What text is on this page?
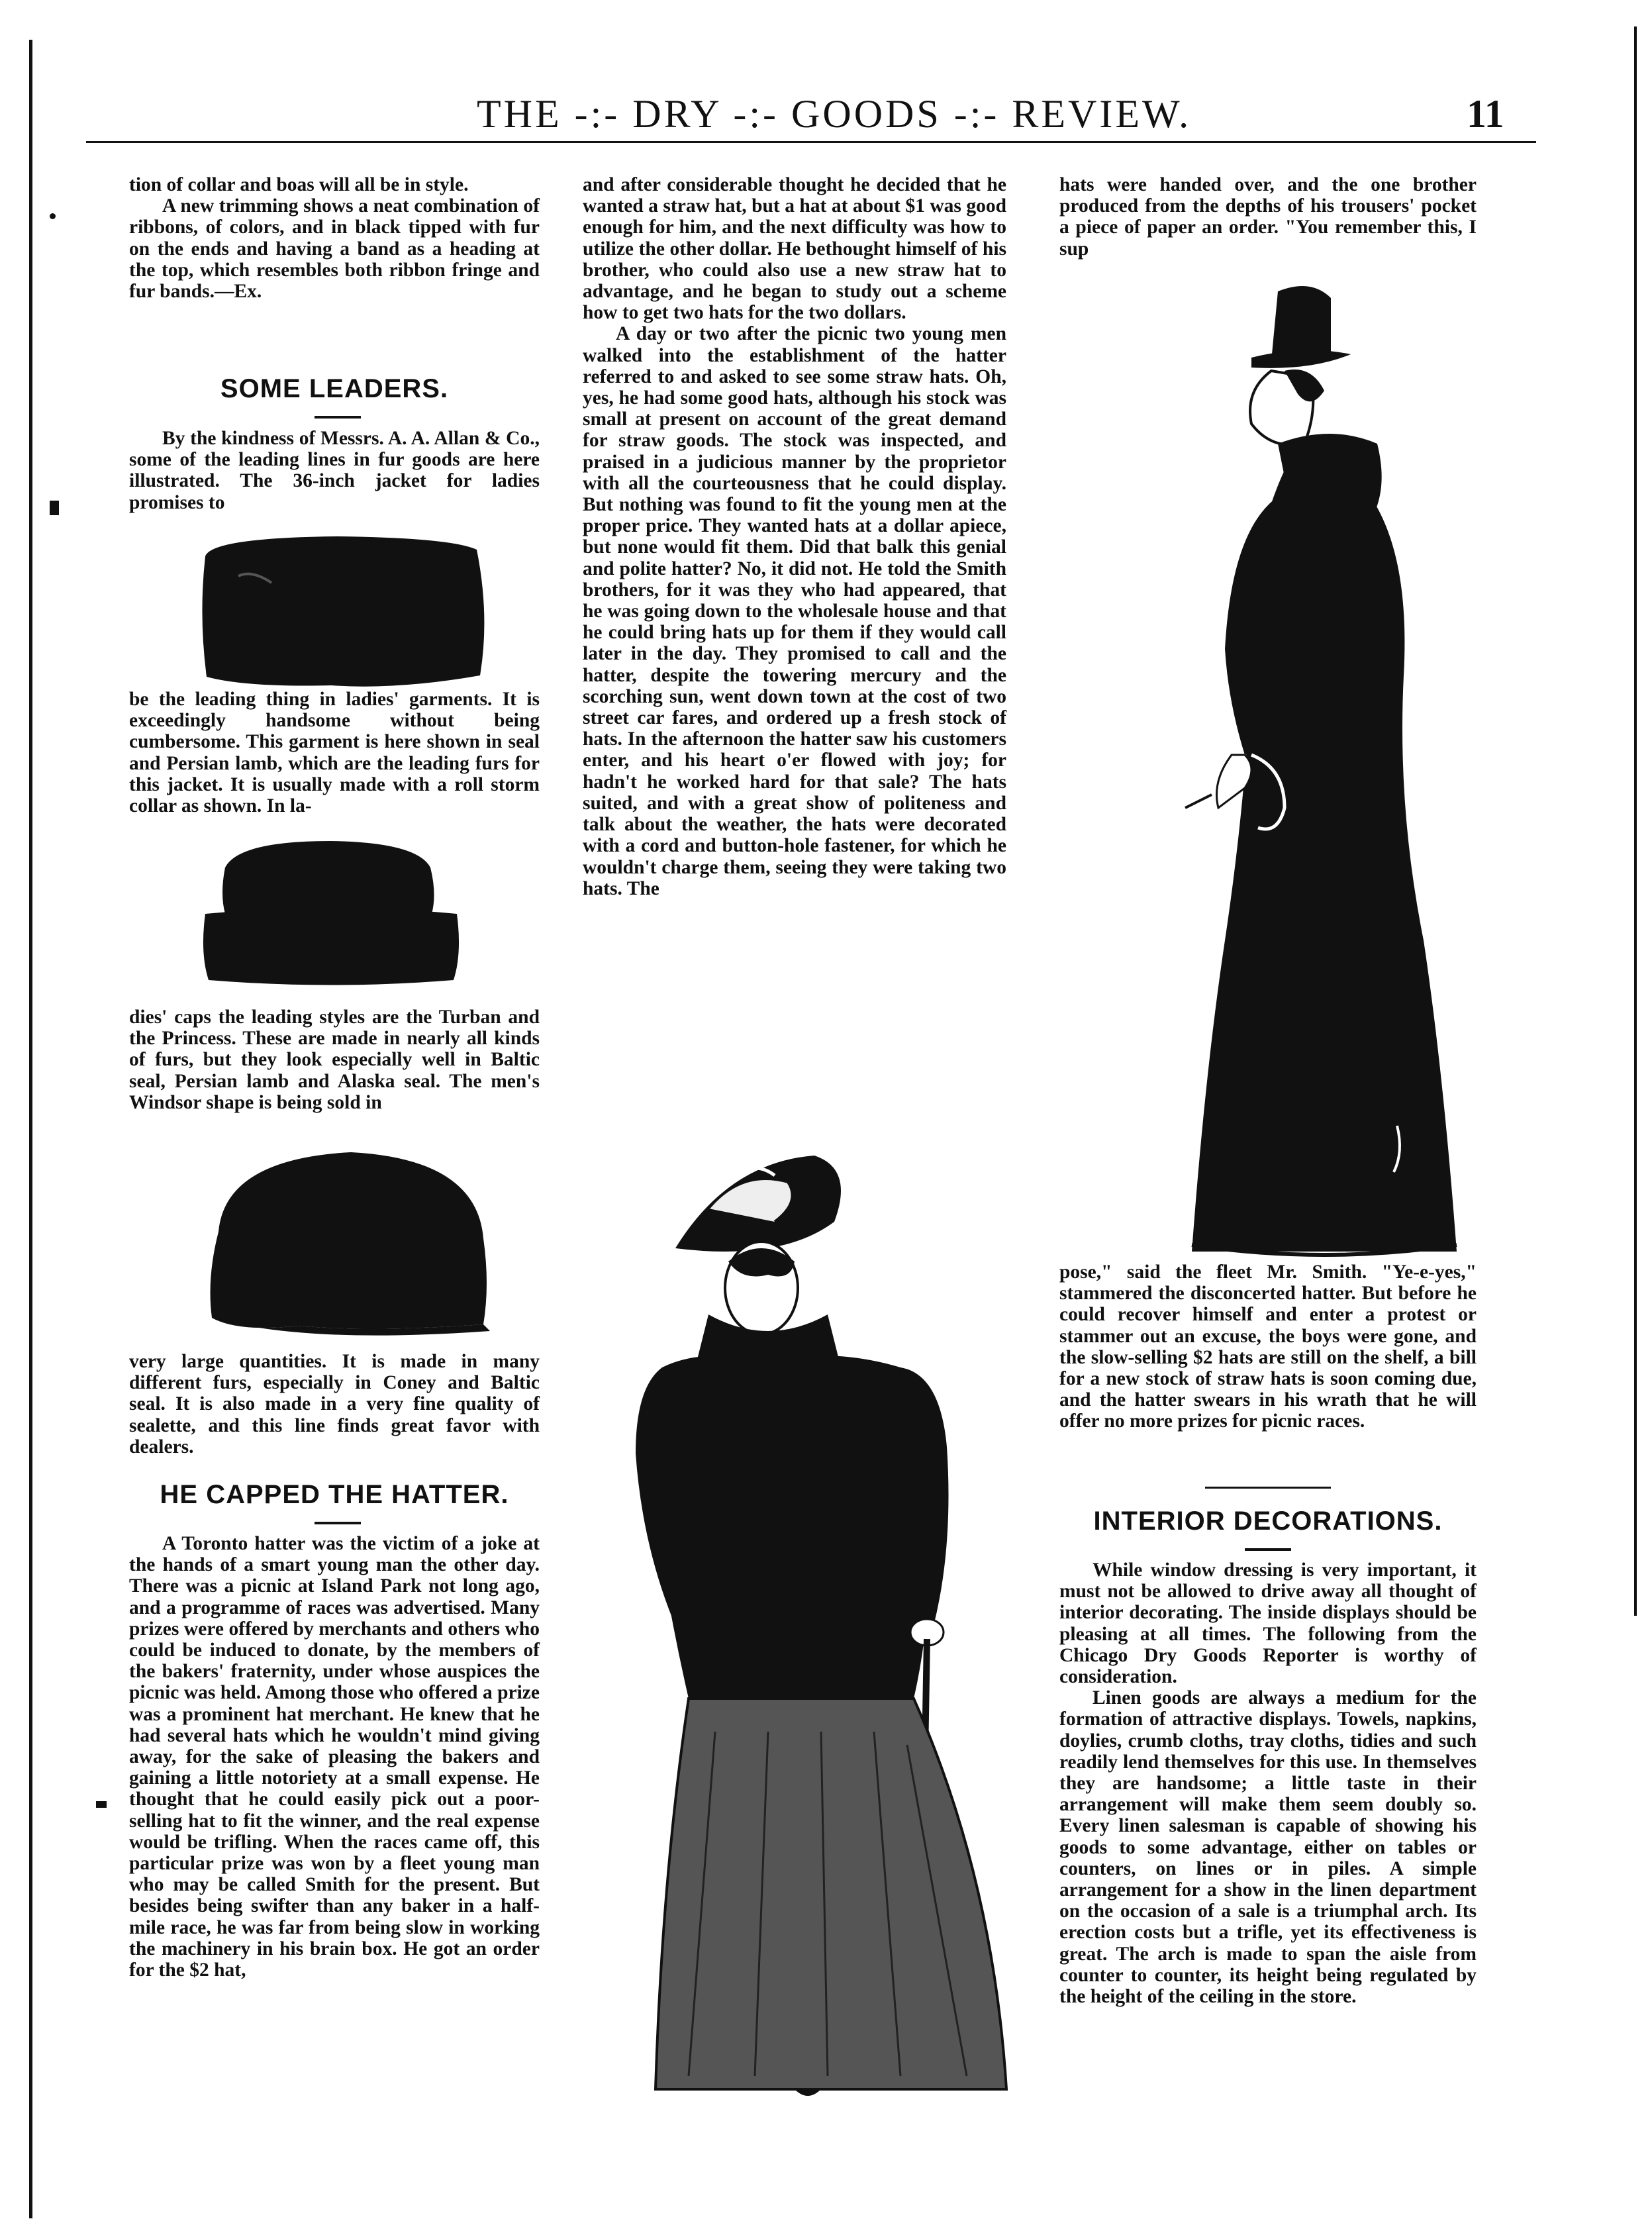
THE -:- DRY -:- GOODS -:- REVIEW.	11

tion of collar and boas will all be in style.

A new trimming shows a neat combination of ribbons, of colors, and in black tipped with fur on the ends and having a band as a heading at the top, which resembles both ribbon fringe and fur bands.—Ex.

SOME LEADERS.

By the kindness of Messrs. A. A. Allan & Co., some of the leading lines in fur goods are here illustrated. The 36-inch jacket for ladies promises to

be the leading thing in ladies' garments. It is exceedingly handsome without being cumbersome. This garment is here shown in seal and Persian lamb, which are the leading furs for this jacket. It is usually made with a roll storm collar as shown. In la-

dies' caps the leading styles are the Turban and the Princess. These are made in nearly all kinds of furs, but they look especially well in Baltic seal, Persian lamb and Alaska seal. The men's Windsor shape is being sold in

very large quantities. It is made in many different furs, especially in Coney and Baltic seal. It is also made in a very fine quality of sealette, and this line finds great favor with dealers.

HE CAPPED THE HATTER.

A Toronto hatter was the victim of a joke at the hands of a smart young man the other day. There was a picnic at Island Park not long ago, and a programme of races was advertised. Many prizes were offered by merchants and others who could be induced to donate, by the members of the bakers' fraternity, under whose auspices the picnic was held. Among those who offered a prize was a prominent hat merchant. He knew that he had several hats which he wouldn't mind giving away, for the sake of pleasing the bakers and gaining a little notoriety at a small expense. He thought that he could easily pick out a poor-selling hat to fit the winner, and the real expense would be trifling. When the races came off, this particular prize was won by a fleet young man who may be called Smith for the present. But besides being swifter than any baker in a half-mile race, he was far from being slow in working the machinery in his brain box. He got an order for the $2 hat,

and after considerable thought he decided that he wanted a straw hat, but a hat at about $1 was good enough for him, and the next difficulty was how to utilize the other dollar. He bethought himself of his brother, who could also use a new straw hat to advantage, and he began to study out a scheme how to get two hats for the two dollars.

A day or two after the picnic two young men walked into the establishment of the hatter referred to and asked to see some straw hats. Oh, yes, he had some good hats, although his stock was small at present on account of the great demand for straw goods. The stock was inspected, and praised in a judicious manner by the proprietor with all the courteousness that he could display. But nothing was found to fit the young men at the proper price. They wanted hats at a dollar apiece, but none would fit them. Did that balk this genial and polite hatter? No, it did not. He told the Smith brothers, for it was they who had appeared, that he was going down to the wholesale house and that he could bring hats up for them if they would call later in the day. They promised to call and the hatter, despite the towering mercury and the scorching sun, went down town at the cost of two street car fares, and ordered up a fresh stock of hats. In the afternoon the hatter saw his customers enter, and his heart o'er flowed with joy; for hadn't he worked hard for that sale? The hats suited, and with a great show of politeness and talk about the weather, the hats were decorated with a cord and button-hole fastener, for which he wouldn't charge them, seeing they were taking two hats. The

hats were handed over, and the one brother produced from the depths of his trousers' pocket a piece of paper an order. "You remember this, I sup

pose," said the fleet Mr. Smith. "Ye-e-yes," stammered the disconcerted hatter. But before he could recover himself and enter a protest or stammer out an excuse, the boys were gone, and the slow-selling $2 hats are still on the shelf, a bill for a new stock of straw hats is soon coming due, and the hatter swears in his wrath that he will offer no more prizes for picnic races.

INTERIOR DECORATIONS.

While window dressing is very important, it must not be allowed to drive away all thought of interior decorating. The inside displays should be pleasing at all times. The following from the Chicago Dry Goods Reporter is worthy of consideration.

Linen goods are always a medium for the formation of attractive displays. Towels, napkins, doylies, crumb cloths, tray cloths, tidies and such readily lend themselves for this use. In themselves they are handsome; a little taste in their arrangement will make them seem doubly so. Every linen salesman is capable of showing his goods to some advantage, either on tables or counters, on lines or in piles. A simple arrangement for a show in the linen department on the occasion of a sale is a triumphal arch. Its erection costs but a trifle, yet its effectiveness is great. The arch is made to span the aisle from counter to counter, its height being regulated by the height of the ceiling in the store.
